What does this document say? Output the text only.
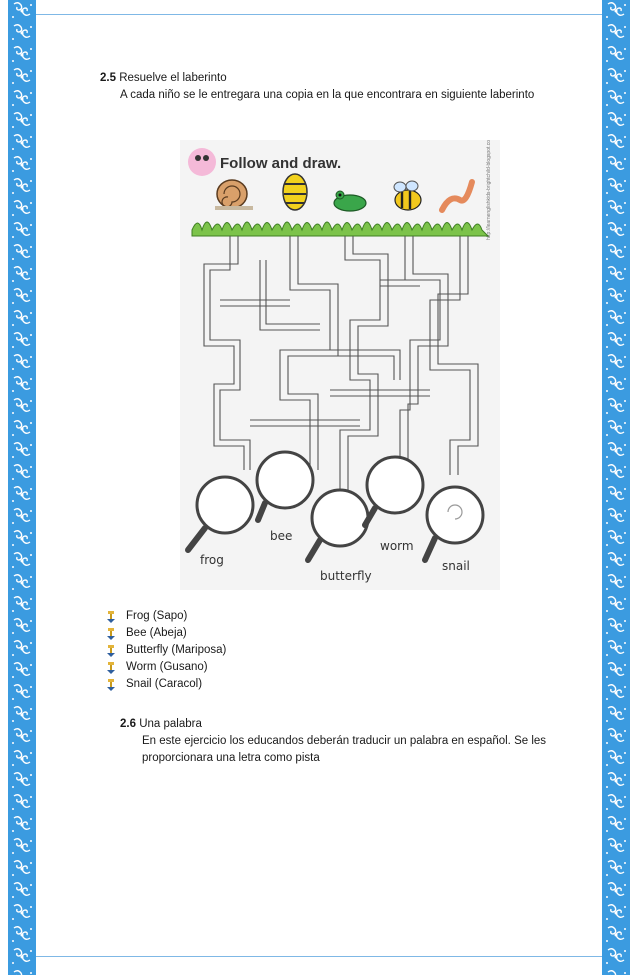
2.5 Resuelve el laberinto

A cada niño se le entregara una copia en la que encontrara en siguiente laberinto

Follow and draw.	http://learnenglishkids-brightchild-blogspot.com/
frog
bee
butterfly
worm
snail
Frog (Sapo)
Bee (Abeja)
Butterfly (Mariposa)
Worm (Gusano)
Snail (Caracol)

2.6 Una palabra

En este ejercicio los educandos deberán traducir un palabra en español. Se les proporcionara una letra como pista
